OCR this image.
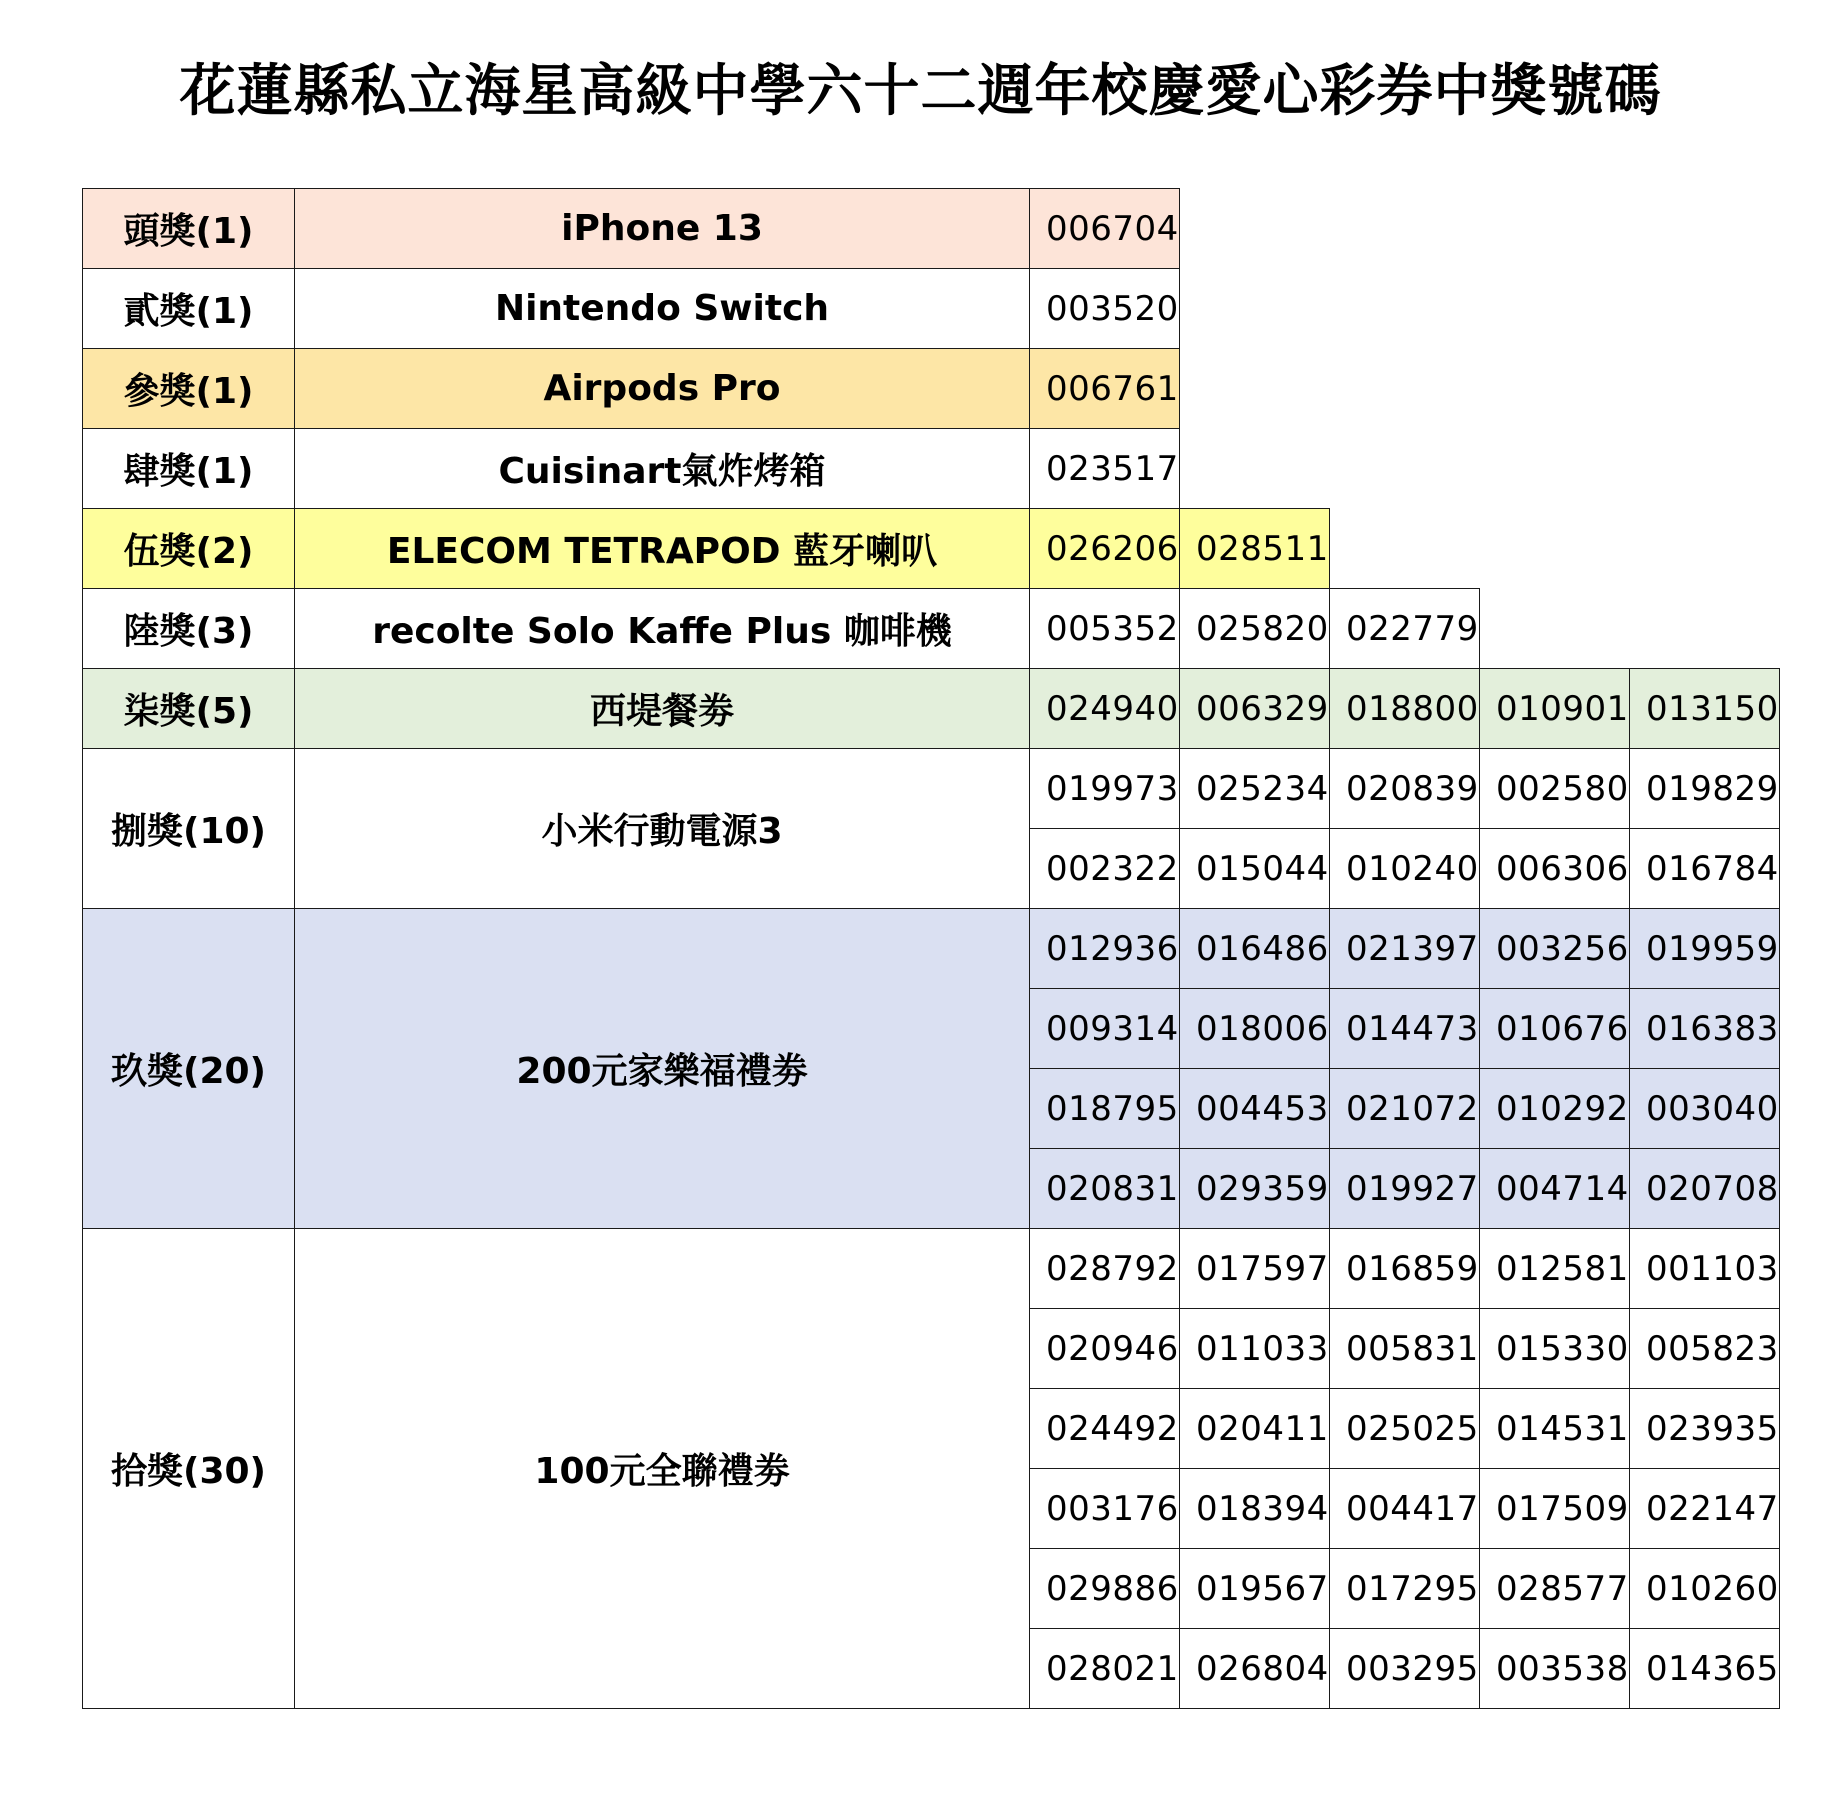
花蓮縣私立海星高級中學六十二週年校慶愛心彩券中獎號碼
頭獎(1)	iPhone 13	006704				
貳獎(1)	Nintendo Switch	003520				
參獎(1)	Airpods Pro	006761				
肆獎(1)	Cuisinart氣炸烤箱	023517				
伍獎(2)	ELECOM TETRAPOD 藍牙喇叭	026206	028511			
陸獎(3)	recolte Solo Kaffe Plus 咖啡機	005352	025820	022779		
柒獎(5)	西堤餐劵	024940	006329	018800	010901	013150
捌獎(10)	小米行動電源3	019973	025234	020839	002580	019829
		002322	015044	010240	006306	016784
玖獎(20)	200元家樂福禮劵	012936	016486	021397	003256	019959
		009314	018006	014473	010676	016383
		018795	004453	021072	010292	003040
		020831	029359	019927	004714	020708
拾獎(30)	100元全聯禮劵	028792	017597	016859	012581	001103
		020946	011033	005831	015330	005823
		024492	020411	025025	014531	023935
		003176	018394	004417	017509	022147
		029886	019567	017295	028577	010260
		028021	026804	003295	003538	014365
